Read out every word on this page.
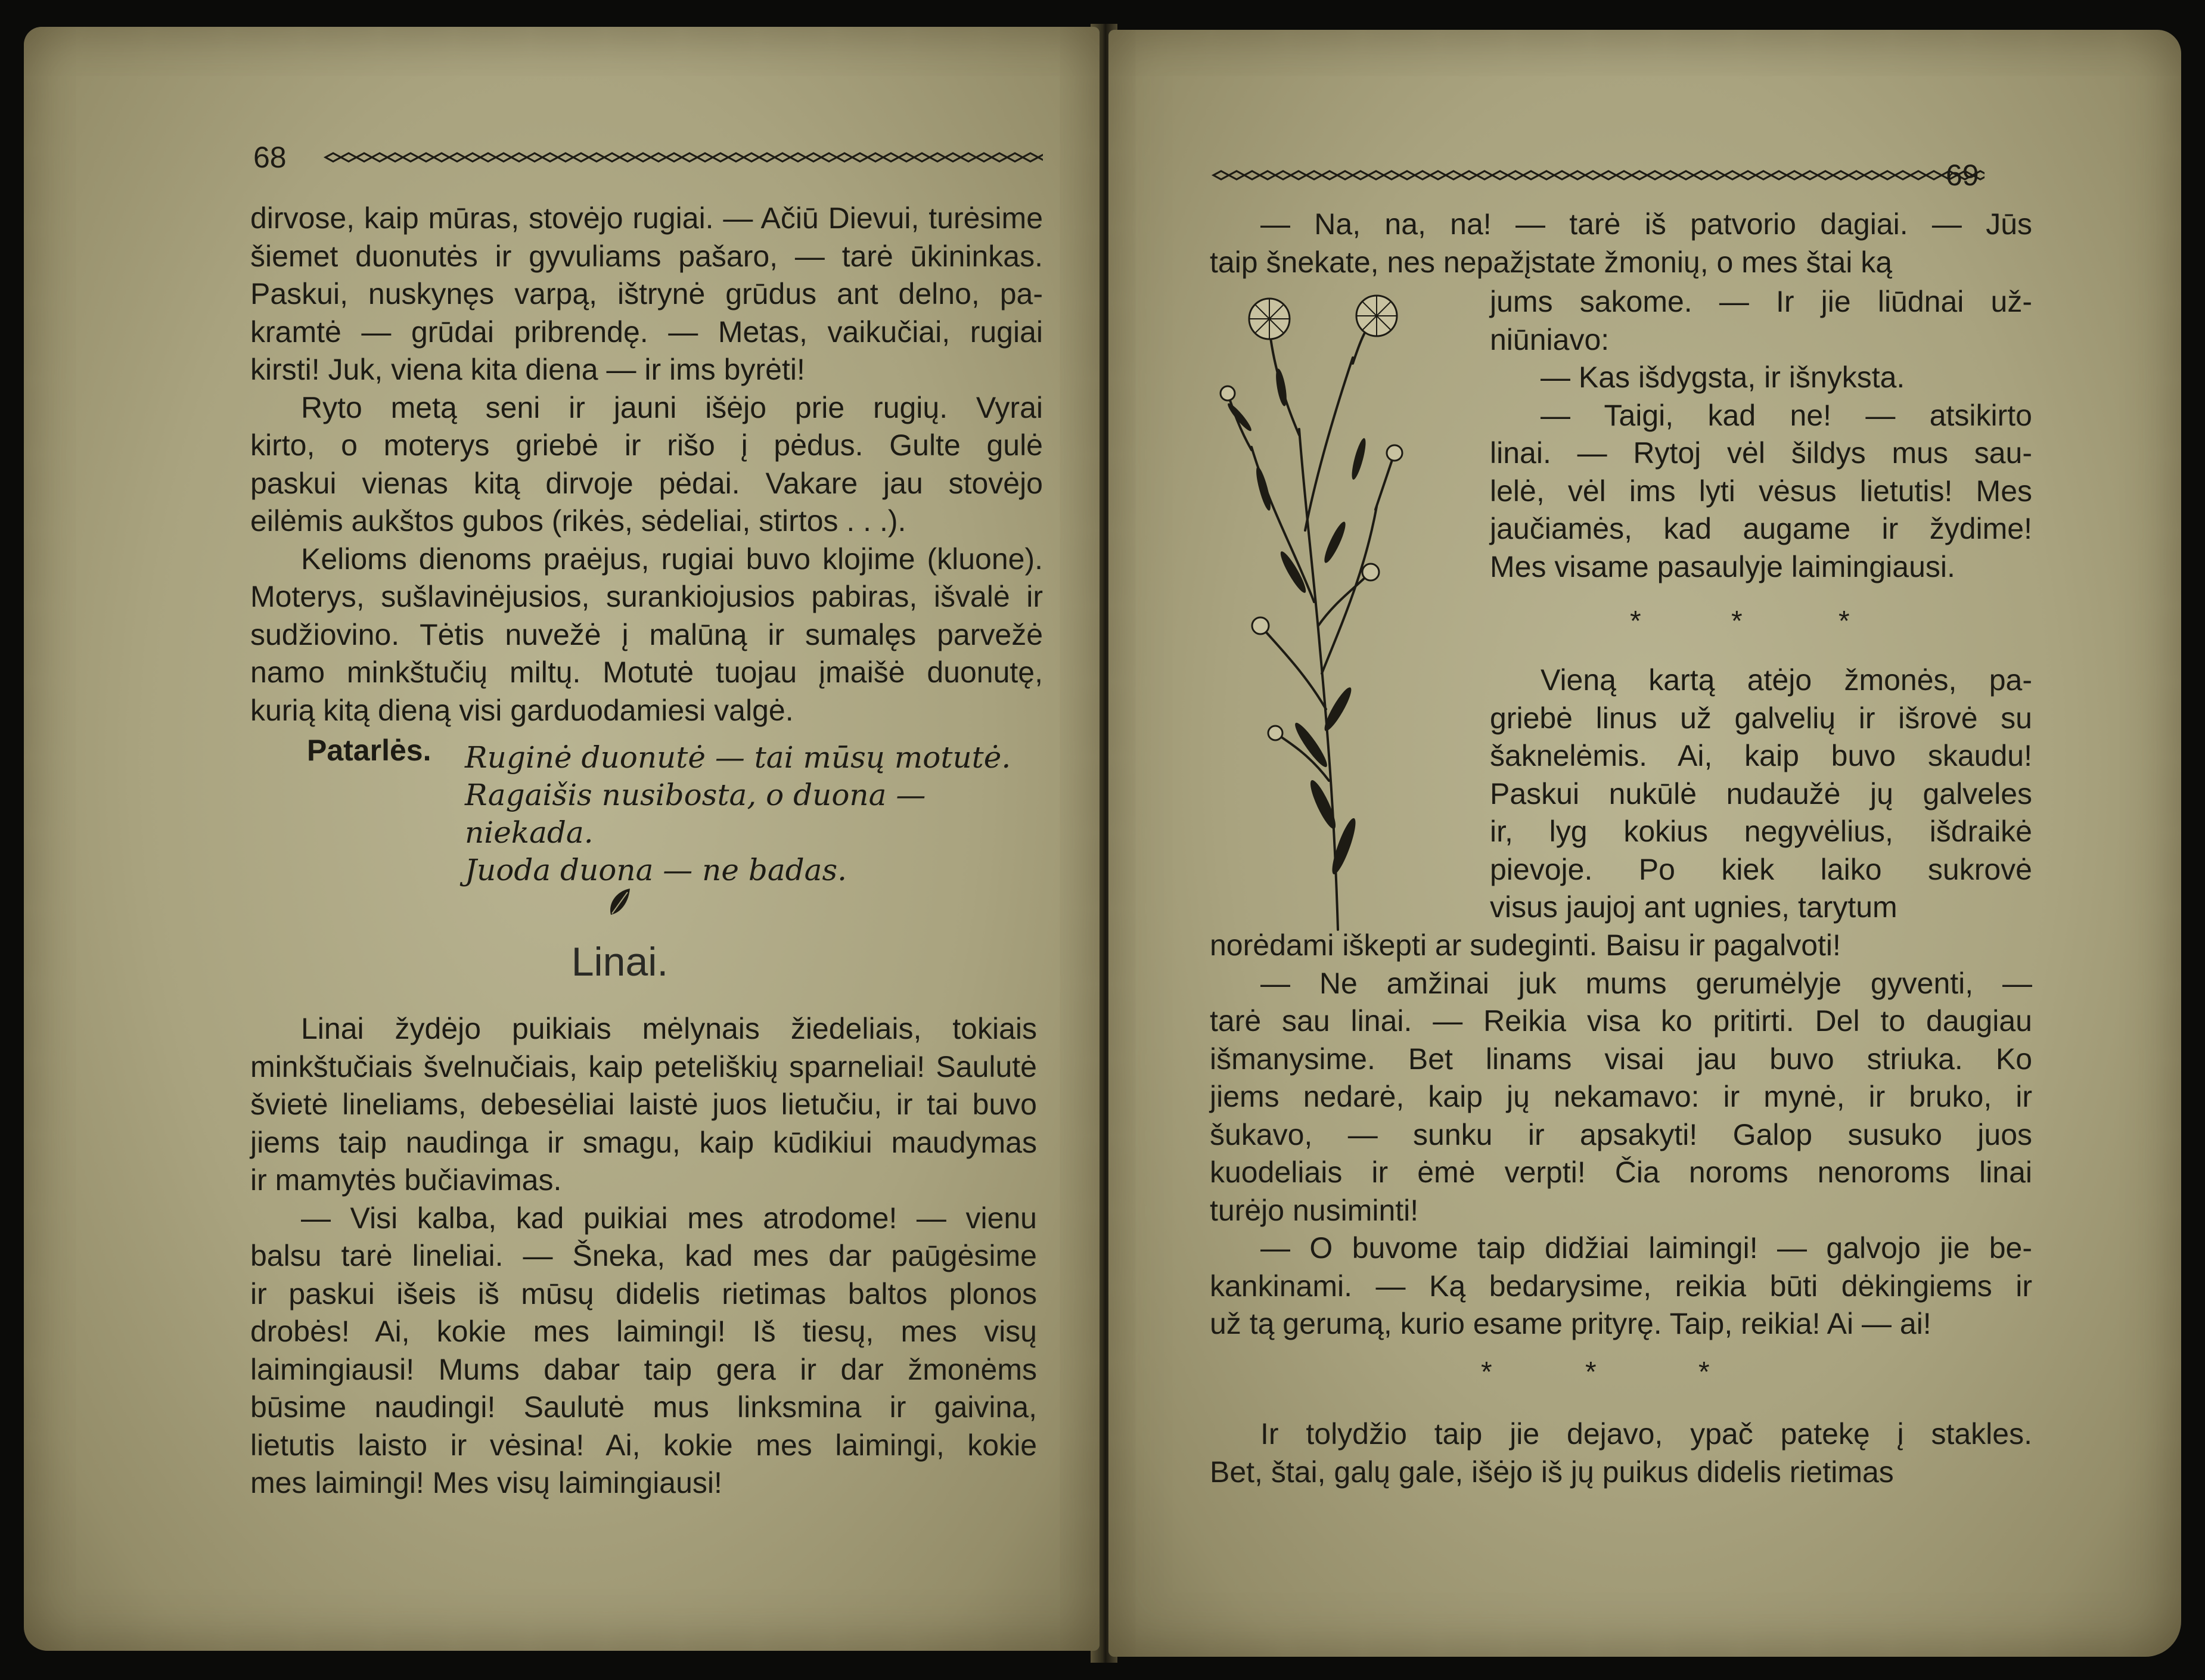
68

dirvose, kaip mūras, stovėjo rugiai. — Ačiū Dievui, turėsime

šiemet duonutės ir gyvuliams pašaro, — tarė ūkininkas.

Paskui, nuskynęs varpą, ištrynė grūdus ant delno, pa-

kramtė — grūdai pribrendę. — Metas, vaikučiai, rugiai

kirsti! Juk, viena kita diena — ir ims byrėti!

Ryto metą seni ir jauni išėjo prie rugių. Vyrai

kirto, o moterys griebė ir rišo į pėdus. Gulte gulė

paskui vienas kitą dirvoje pėdai. Vakare jau stovėjo

eilėmis aukštos gubos (rikės, sėdeliai, stirtos . . .).

Kelioms dienoms praėjus, rugiai buvo klojime (kluone).

Moterys, sušlavinėjusios, surankiojusios pabiras, išvalė ir

sudžiovino. Tėtis nuvežė į malūną ir sumalęs parvežė

namo minkštučių miltų. Motutė tuojau įmaišė duonutę,

kurią kitą dieną visi garduodamiesi valgė.

Patarlės. Ruginė duonutė — tai mūsų motutė.
Ragaišis nusibosta, o duona — niekada.
Juoda duona — ne badas.
Linai.

Linai žydėjo puikiais mėlynais žiedeliais, tokiais

minkštučiais švelnučiais, kaip peteliškių sparneliai! Saulutė

švietė lineliams, debesėliai laistė juos lietučiu, ir tai buvo

jiems taip naudinga ir smagu, kaip kūdikiui maudymas

ir mamytės bučiavimas.

— Visi kalba, kad puikiai mes atrodome! — vienu

balsu tarė lineliai. — Šneka, kad mes dar paūgėsime

ir paskui išeis iš mūsų didelis rietimas baltos plonos

drobės! Ai, kokie mes laimingi! Iš tiesų, mes visų

laimingiausi! Mums dabar taip gera ir dar žmonėms

būsime naudingi! Saulutė mus linksmina ir gaivina,

lietutis laisto ir vėsina! Ai, kokie mes laimingi, kokie

mes laimingi! Mes visų laimingiausi!

69

— Na, na, na! — tarė iš patvorio dagiai. — Jūs

taip šnekate, nes nepažįstate žmonių, o mes štai ką

jums sakome. — Ir jie liūdnai už-

niūniavo:

— Kas išdygsta, ir išnyksta.

— Taigi, kad ne! — atsikirto

linai. — Rytoj vėl šildys mus sau-

lelė, vėl ims lyti vėsus lietutis! Mes

jaučiamės, kad augame ir žydime!

Mes visame pasaulyje laimingiausi.

*	*	*

Vieną kartą atėjo žmonės, pa-

griebė linus už galvelių ir išrovė su

šaknelėmis. Ai, kaip buvo skaudu!

Paskui nukūlė nudaužė jų galveles

ir, lyg kokius negyvėlius, išdraikė

pievoje. Po kiek laiko sukrovė

visus jaujoj ant ugnies, tarytum

norėdami iškepti ar sudeginti. Baisu ir pagalvoti!

— Ne amžinai juk mums gerumėlyje gyventi, —

tarė sau linai. — Reikia visa ko pritirti. Del to daugiau

išmanysime. Bet linams visai jau buvo striuka. Ko

jiems nedarė, kaip jų nekamavo: ir mynė, ir bruko, ir

šukavo, — sunku ir apsakyti! Galop susuko juos

kuodeliais ir ėmė verpti! Čia noroms nenoroms linai

turėjo nusiminti!

— O buvome taip didžiai laimingi! — galvojo jie be-

kankinami. — Ką bedarysime, reikia būti dėkingiems ir

už tą gerumą, kurio esame prityrę. Taip, reikia! Ai — ai!

*	*	*

Ir tolydžio taip jie dejavo, ypač patekę į stakles.

Bet, štai, galų gale, išėjo iš jų puikus didelis rietimas
